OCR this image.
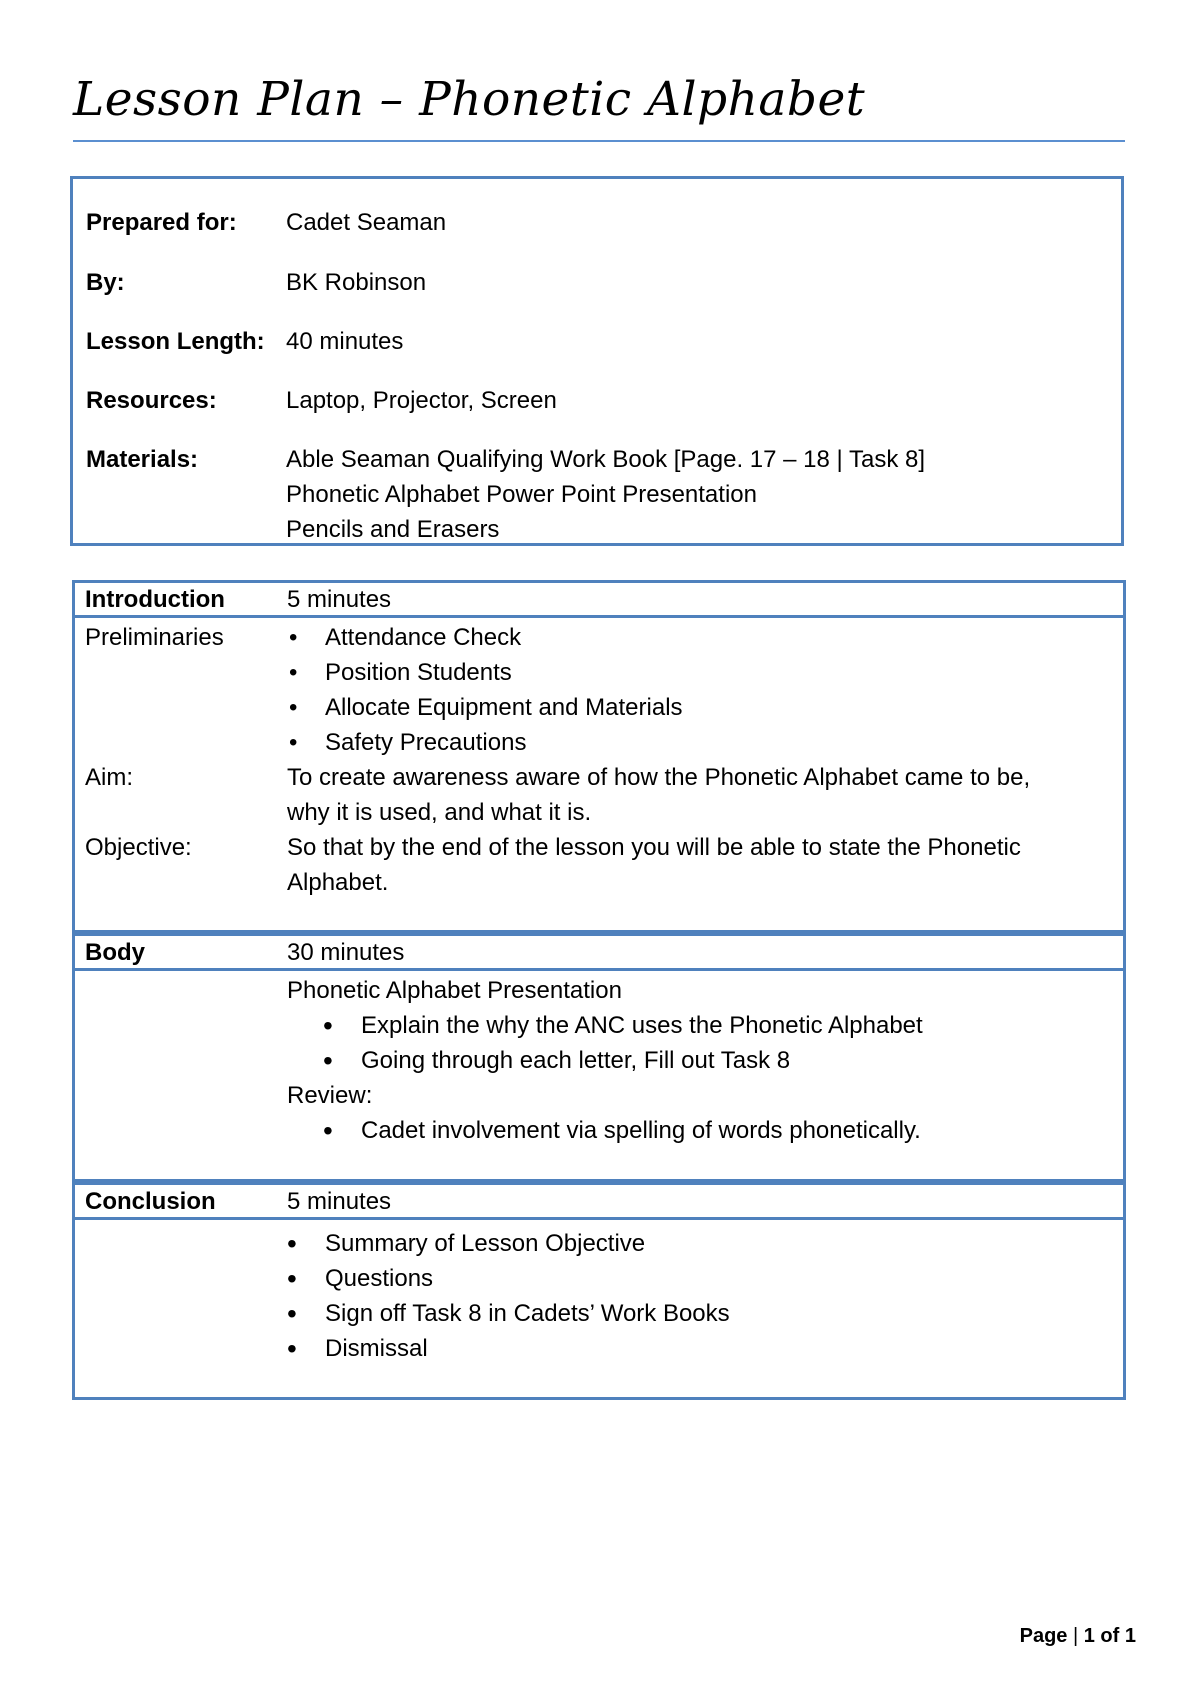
Lesson Plan – Phonetic Alphabet
Prepared for:	Cadet Seaman
By:	BK Robinson
Lesson Length: 40 minutes
Resources:	Laptop, Projector, Screen
Materials:	Able Seaman Qualifying Work Book [Page. 17 – 18 | Task 8]
Phonetic Alphabet Power Point Presentation
Pencils and Erasers
Introduction	5 minutes
Preliminaries
•	Attendance Check
• Position Students
• Allocate Equipment and Materials
• Safety Precautions
Aim:	To create awareness aware of how the Phonetic Alphabet came to be,
why it is used, and what it is.
Objective:	So that by the end of the lesson you will be able to state the Phonetic
Alphabet.
Body	30 minutes
Phonetic Alphabet Presentation
• Explain the why the ANC uses the Phonetic Alphabet
• Going through each letter, Fill out Task 8
Review:
• Cadet involvement via spelling of words phonetically.
Conclusion	5 minutes
• Summary of Lesson Objective
• Questions
• Sign off Task 8 in Cadets’ Work Books
• Dismissal
Page | 1 of 1
